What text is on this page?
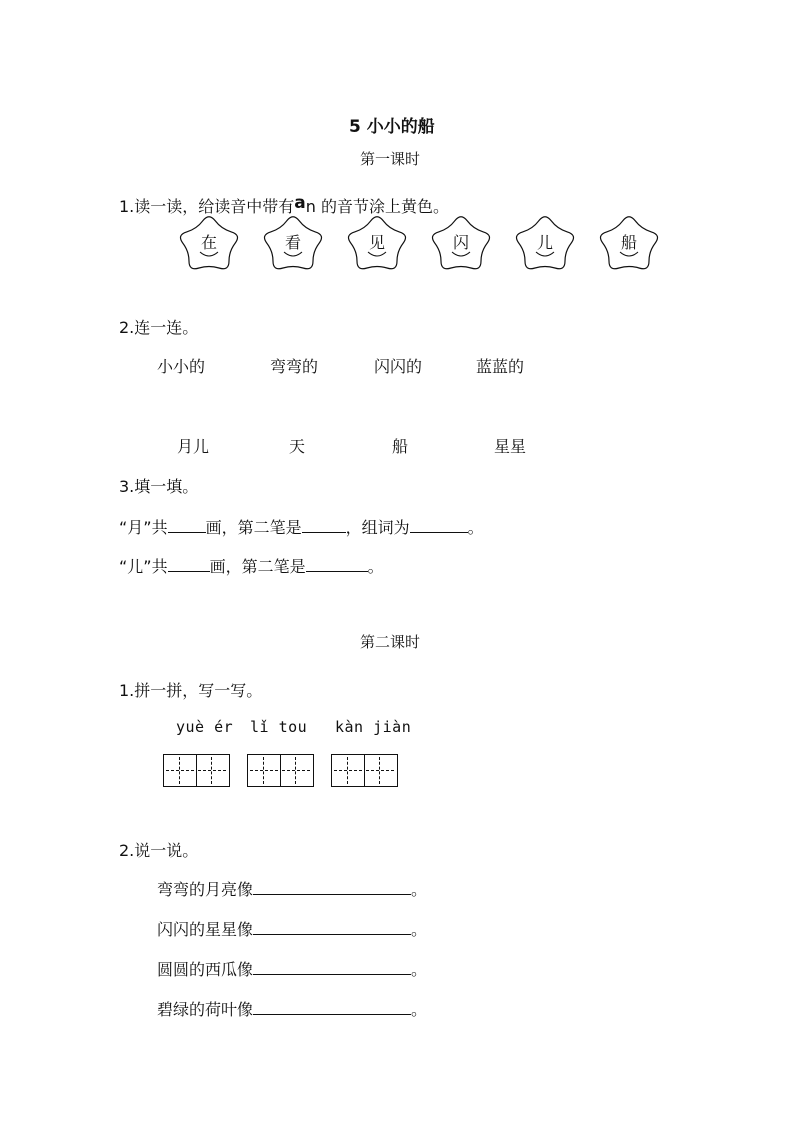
5 小小的船
第一课时
1.读一读，给读音中带有an 的音节涂上黄色。
在	看	见	闪	儿	船
2.连一连。
小小的	弯弯的	闪闪的	蓝蓝的
月儿	天	船	星星
3.填一填。
“月”共 画，第二笔是	，组词为	。
“儿”共	画，第二笔是	。
第二课时
1.拼一拼，写一写。
yuè ér lǐ tou kàn jiàn
2.说一说。
弯弯的月亮像	。
闪闪的星星像	。
圆圆的西瓜像	。
碧绿的荷叶像	。
